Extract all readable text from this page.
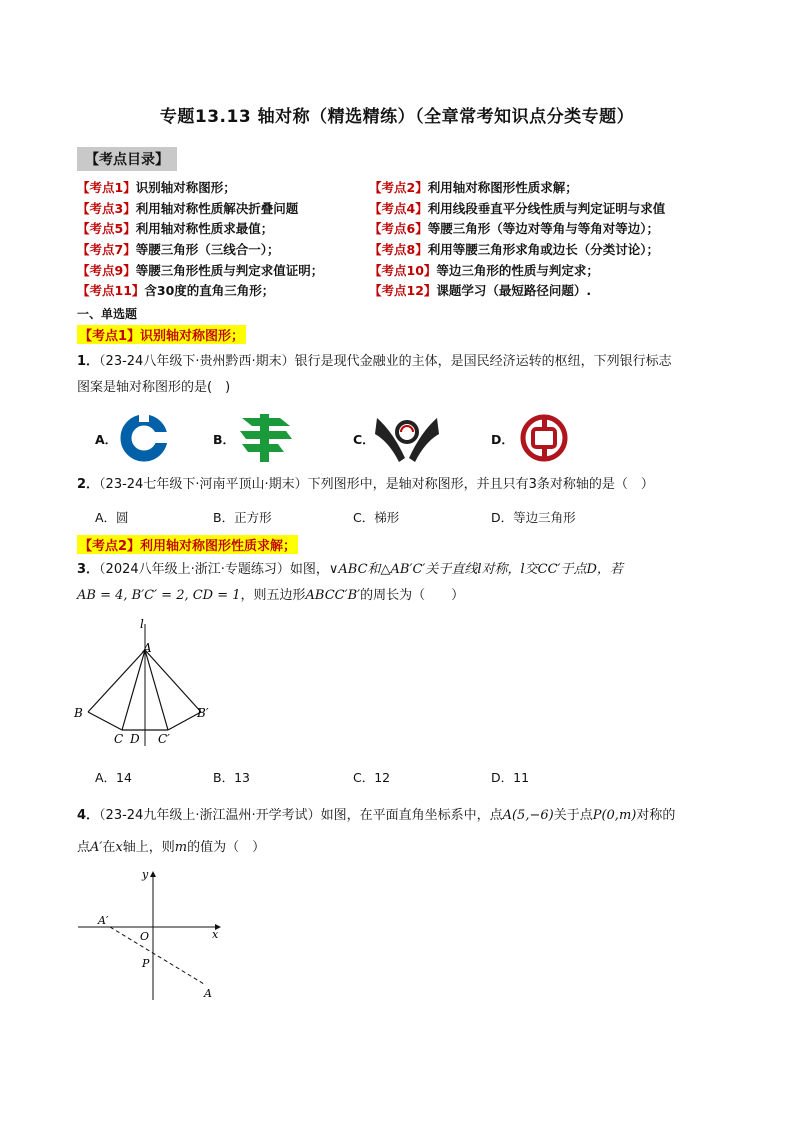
专题13.13 轴对称（精选精练）（全章常考知识点分类专题）
【考点目录】
【考点1】识别轴对称图形；	【考点2】利用轴对称图形性质求解；
【考点3】利用轴对称性质解决折叠问题	【考点4】利用线段垂直平分线性质与判定证明与求值
【考点5】利用轴对称性质求最值；	【考点6】等腰三角形（等边对等角与等角对等边）；
【考点7】等腰三角形（三线合一）；	【考点8】利用等腰三角形求角或边长（分类讨论）；
【考点9】等腰三角形性质与判定求值证明；	【考点10】等边三角形的性质与判定求；
【考点11】含30度的直角三角形；	【考点12】课题学习（最短路径问题）.
一、单选题
【考点1】识别轴对称图形；
1．（23-24八年级下·贵州黔西·期末）银行是现代金融业的主体，是国民经济运转的枢纽，下列银行标志
图案是轴对称图形的是(　)
A．	B．	C．	D．
2．（23-24七年级下·河南平顶山·期末）下列图形中，是轴对称图形，并且只有3条对称轴的是（　）
A．圆	B．正方形	C．梯形	D．等边三角形
【考点2】利用轴对称图形性质求解；
3．（2024八年级上·浙江·专题练习）如图，∨ABC和△AB′C′关于直线l对称，l交CC′于点D，若
AB = 4, B′C′ = 2, CD = 1，则五边形ABCC′B′的周长为（　　）
l
A
B	B′
C D C′
A．14	B．13	C．12	D．11
4．（23-24九年级上·浙江温州·开学考试）如图，在平面直角坐标系中，点A(5,−6)关于点P(0,m)对称的
点A′在x轴上，则m的值为（　）
y
x
O
P
A
A′
